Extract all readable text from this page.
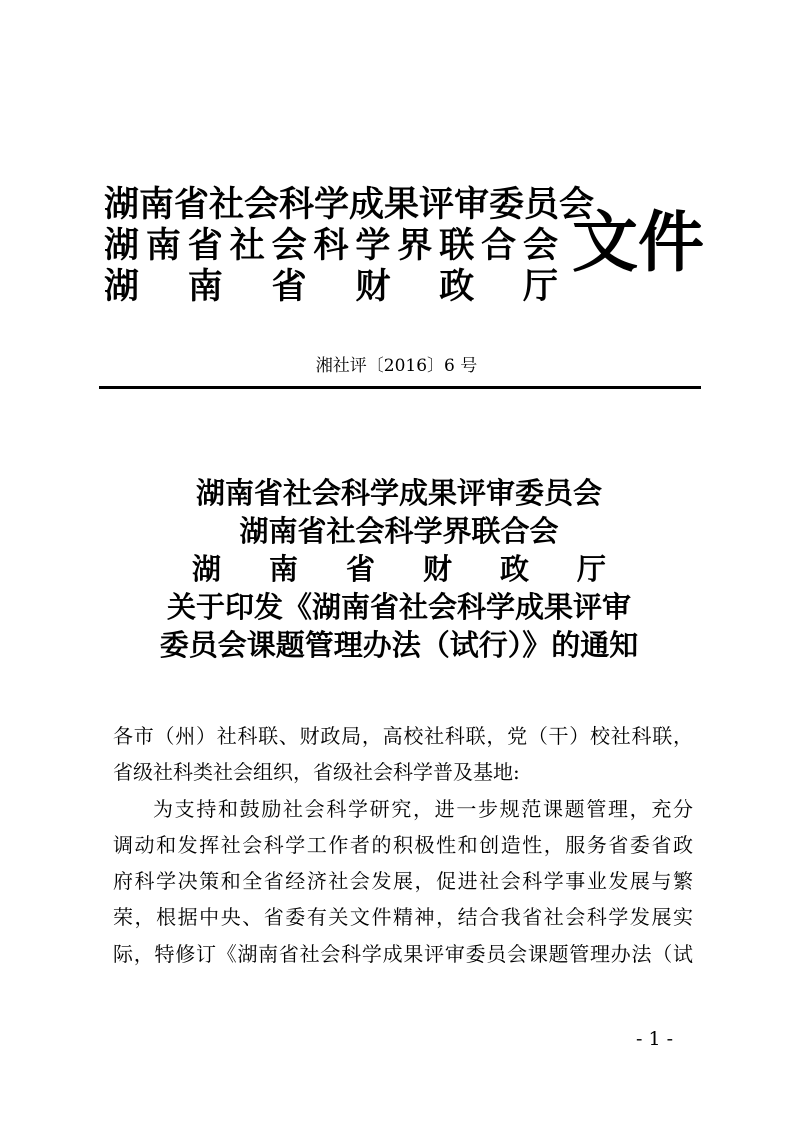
湖南省社会科学成果评审委员会
湖南省社会科学界联合会
湖 南 省 财 政 厅
文件
湘社评〔2016〕6 号
湖南省社会科学成果评审委员会
湖南省社会科学界联合会
湖 南 省 财 政 厅
关于印发《湖南省社会科学成果评审
委员会课题管理办法（试行）》的通知
各市（州）社科联、财政局，高校社科联，党（干）校社科联，
省级社科类社会组织，省级社会科学普及基地:
为支持和鼓励社会科学研究，进一步规范课题管理，充分
调动和发挥社会科学工作者的积极性和创造性，服务省委省政
府科学决策和全省经济社会发展，促进社会科学事业发展与繁
荣，根据中央、省委有关文件精神，结合我省社会科学发展实
际，特修订《湖南省社会科学成果评审委员会课题管理办法（试
- 1 -
